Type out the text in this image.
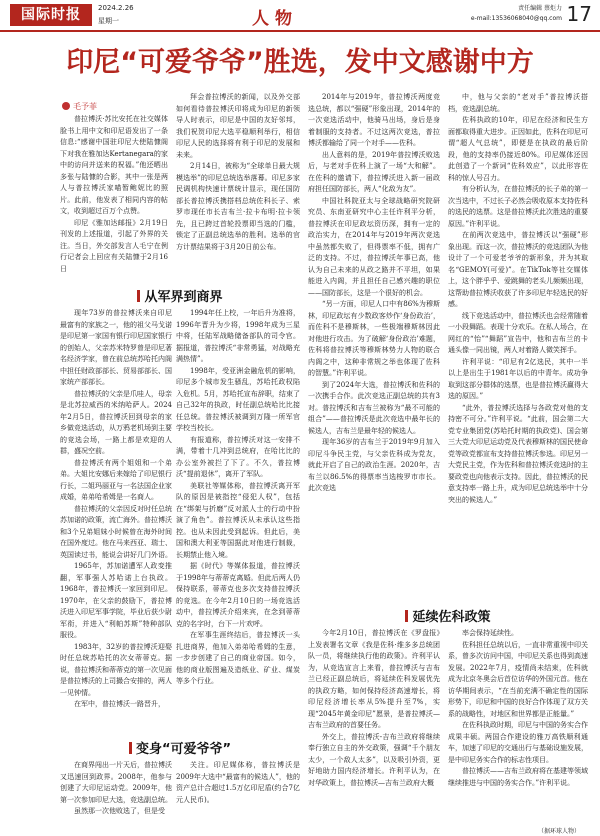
国际时报	2024.2.26
星期一	人物
责任编辑 蔡炬力
e-mail:13536068040@qq.com 17
印尼“可爱爷爷”胜选，发中文感谢中方
毛予菲

普拉博沃·苏比安托在社交媒体脸书上用中文和印尼语发出了一条信息:“感谢中国驻印尼大使陆慷阁下对我在雅加达Kertanegara的家中的访问并送来的祝福。”他还晒出多张与陆慷的合影，其中一张是两人与普拉博沃家喵暂鲍妮比的照片。此前，他发表了相同内容的帖文，收到超过百万个点赞。

印尼《雅加达邮报》2月19日刊发的上述报道，引起了外界的关注。当日，外交部发言人毛宁在例行记者会上回应有关陆慷于2月16日

拜会普拉博沃的新闻，以及外交部如何看待普拉博沃印将成为印尼的新领导人时表示，印尼是中国的友好邻邦，我们祝贺印尼大选平稳顺利举行，相信印尼人民的选择将有利于印尼的发展和未来。

2月14日，被称为“全球单日最大规模选举”的印尼总统选举落幕。印尼多家民调机构快速计票统计显示，现任国防部长普拉博沃携搭档总统佐科长子、索罗市现任市长吉布兰·拉卡布明·拉卡领先，且已跨过首轮投票即当选的门槛，锁定了正副总统选举的胜利。选举的官方计票结果将于3月20日前公布。

从军界到商界

现年73岁的普拉博沃来自印尼最富有的家族之一，他的祖父马戈诺是印尼第一家国有银行印尼国家银行的创始人，父亲苏米特罗曾是印尼著名经济学家，曾在前总统苏哈托内阁中担任财政部部长、贸易部部长、国家统产部部长。

普拉博沃的父亲是爪哇人，母亲是北苏拉威西的米纳哈萨人。2024年2月5日，普拉博沃回到母亲的家乡做竞选活动，从万鸦老机场到主要的竞选会场，一路上都是欢迎的人群，盛况空前。

普拉博沃有两个姐姐和一个弟弟。大姐比安娜后来嫁给了印尼银行行长，二姐玛丽亚与一名法国企业家成婚，弟弟哈希姆是一名商人。

普拉博沃的父亲因反对时任总统苏加诺的政策，流亡海外。普拉博沃和3个兄弟姐妹小时候曾在海外时间在国外度过。他在马来西亚、瑞士、英国读过书，能说会讲好几门外语。

1965年，苏加诺遭军人政变推翻，军事强人苏哈诺上台执政。1968年，普拉博沃一家回到印尼。1970年，在父亲的鼓励下，普拉博沃进入印尼军事学院，毕业后获少尉军衔，并进入“利帕苏斯”特种部队服役。

1983年，32岁的普拉博沃迎娶时任总统苏哈托的次女蒂蒂克。据说，普拉博沃和蒂蒂克的第一次见面是普拉博沃的上司撮合安排的，两人一见钟情。

在军中，普拉博沃一路晋升，

1994年任上校，一年后升为准将，1996年晋升为少将，1998年成为三星中将，任陆军战略储备部队的司令官。据报道，普拉博沃“非常勇猛，对战略充满热情”。

1998年，受亚洲金融危机的影响，印尼多个城市发生骚乱，苏哈托政权陷入危机。5月，苏哈托宣布辞职，结束了自己32年的执政，时任副总统哈比比接任总统。普拉博沃被调到万隆一所军官学校当校长。

有报道称，普拉博沃对这一安排不满，带着十几冲到总统府，在哈比比的办公室外被拦了下了。不久，普拉博沃“提前退休”，离开了军队。

美联社等媒体称，普拉博沃离开军队的原因是被指控“侵犯人权”，包括在“绑架与折磨”反对派人士的行动中扮演了角色”。普拉博沃从未承认这些指控。也从未因此受到起诉。但此后，美国和澳大利亚等国据此对他进行制裁，长期禁止他入境。

据《时代》等媒体报道，普拉博沃于1998年与蒂蒂克离婚。但此后两人仍保持联系，蒂蒂克也多次支持普拉博沃的竞选。在今年2月10日的一场竞选活动中，普拉博沃介绍来宾，在念到蒂蒂克的名字时，台下一片欢呼。

在军事生涯终结后，普拉博沃一头扎进商界，他加入弟弟哈希姆的生意，一步步创建了自己的商业帝国。如今，他的商业版图遍及造纸业、矿业、煤炭等多个行业。

变身“可爱爷爷”

在商界闯出一片天后，普拉博沃又迅速回到政界。2008年，他参与创建了大印尼运动党。2009年，他第一次参加印尼大选，竞选副总统。

虽然那一次他败选了，但是受

关注。印尼媒体称，普拉博沃是2009年大选中“最富有的候选人”，他的资产总计合超过1.5万亿印尼盾(约合7亿元人民币)。

2014年与2019年，普拉博沃两度竞选总统，都以“强硬”形象出现，2014年的一次竞选活动中，他骑马出场，身后是身着制服的支持者。不过这两次竞选，普拉博沃都输给了同一个对手——佐科。

出人意料的是，2019年普拉博沃败选后，与老对手佐科上演了一场“大和解”。在佐科的邀请下，普拉博沃进入新一届政府担任国防部长，两人“化敌为友”。

中国社科院亚太与全球战略研究院研究员、东南亚研究中心主任许利平分析，普拉博沃在印尼政坛资历深，拥有一定的政治实力，在2014年与2019年两次竞选中虽然都失败了，但得票率不低，拥有广泛的支持。不过，普拉博沃年事已高，他认为自己未来的从政之路并不平坦，如果能进入内阁，并且担任自己感兴趣的职位——国防部长，这是一个很好的机会。

“另一方面，印尼人口中有86%为穆斯林，印尼政坛有少数政客炒作‘身份政治’，而佐科不是穆斯林，一些极端穆斯林因此对他进行攻击。为了破解‘身份政治’难题，佐科将普拉博沃等穆斯林势力人物的联合内阁之中，这种非常规之举也体现了佐科的智慧。”许利平说。

到了2024年大选，普拉博沃和佐科的一次携手合作。此次竞选正副总统的共有3对。普拉博沃和吉布兰被称为“最不可能的组合”——普拉博沃是此次竞选中最年长的候选人，吉布兰是最年轻的候选人。

现年36岁的吉布兰于2019年9月加入印尼斗争民主党，与父亲佐科成为党友，就此开启了自己的政治生涯。2020年，吉布兰以86.5%的得票率当选梭罗市市长。此次竞选

中，他与父亲的“老对手”普拉博沃搭档，竞选副总统。

佐科执政的10年，印尼在经济和民生方面都取得重大进步。正因如此，佐科在印尼可谓“超人气总统”，即便是在执政的最后阶段，他的支持率仍接近80%。印尼媒体还因此创造了一个新词“佐科效应”，以此形容佐科的惊人号召力。

有分析认为，在普拉博沃的长子弟的第一次当选中，不过长子必然会吸收原本支持佐科的选民的选票。这是普拉博沃此次胜选的重要原因。”许利平说。

在前两次竞选中，普拉博沃以“强硬”形象出现。而这一次，普拉博沃的竞选团队为他设计了一个可爱老爷爷的新形象，并为其取名“GEMOY(可爱)”。在TikTok等社交媒体上，这个胖乎乎、爱跳舞的老头儿频频出现，这帮助普拉博沃收获了许多印尼年轻选民的好感。

线下竞选活动中，普拉博沃也会经常随着一小段舞蹈。表现十分欢乐。在私人场合，在网红的“怡”“舞蹈”宣告中，他和吉布兰的卡通头像一同出镜，两人对着路人微笑挥手。

许利平说：“印尼有2亿选民，其中一半以上是出生于1981年以后的中青年。成功争取到这部分群体的选票，也是普拉博沃赢得大选的原因。”

“此外，普拉博沃选择与各政党对他的支持密不可分。”许利平说。“此前，国会第二大党专业集团党(苏哈托时期的执政党)、国会第三大党大印尼运动党及代表穆斯林的国民使命党等政党都宣布支持普拉博沃参选。印尼另一大党民主党，作为佐科和普拉博沃竞选时的主要政党也向他表示支持。因此，普拉博沃的民意支持率一路上升，成为印尼总统选举中十分突出的候选人。”

延续佐科政策

今年2月10日，普拉博沃在《罗盘报》上发表署名文章《我是佐科·维多多总统团队一员，将继续执行他的政策》。许利平认为，从竞选宣言上来看，普拉博沃与吉布兰已经正副总统后，将延续佐科发展优先的执政方略，如何保持经济高速增长，将印尼经济增长率从5%提升至7%，实现“2045年黄金印尼”愿景，是普拉博沃—吉布兰政府的首要任务。

外交上，普拉博沃-吉布兰政府将继续奉行独立自主的外交政策，强调“千个朋友太少，一个敌人太多”，以及吸引外资，更好地助力国内经济增长。许利平认为，在对华政策上，普拉博沃—吉布兰政府大概

率会保持延续性。

佐科担任总统以后，一直非常重视中印关系，曾多次访问中国，中印尼关系也得到高速发展。2022年7月，疫情尚未结束，佐科就成为北京冬奥会后首位访华的外国元首。他在访华期间表示，“在当前充满不确定性的国际形势下，印尼和中国的良好合作体现了双方关系的战略性，对地区和世界都是正能量。”

在佐科执政时期，印尼与中国的务实合作成果丰硕。两国合作建设的雅万高铁顺利通车，加速了印尼的交通出行与基础设施发展，是中印尼务实合作的标志性项目。

普拉博沃——吉布兰政府将在基建等领域继续推进与中国的务实合作。”许利平说。

（据环球人物）
